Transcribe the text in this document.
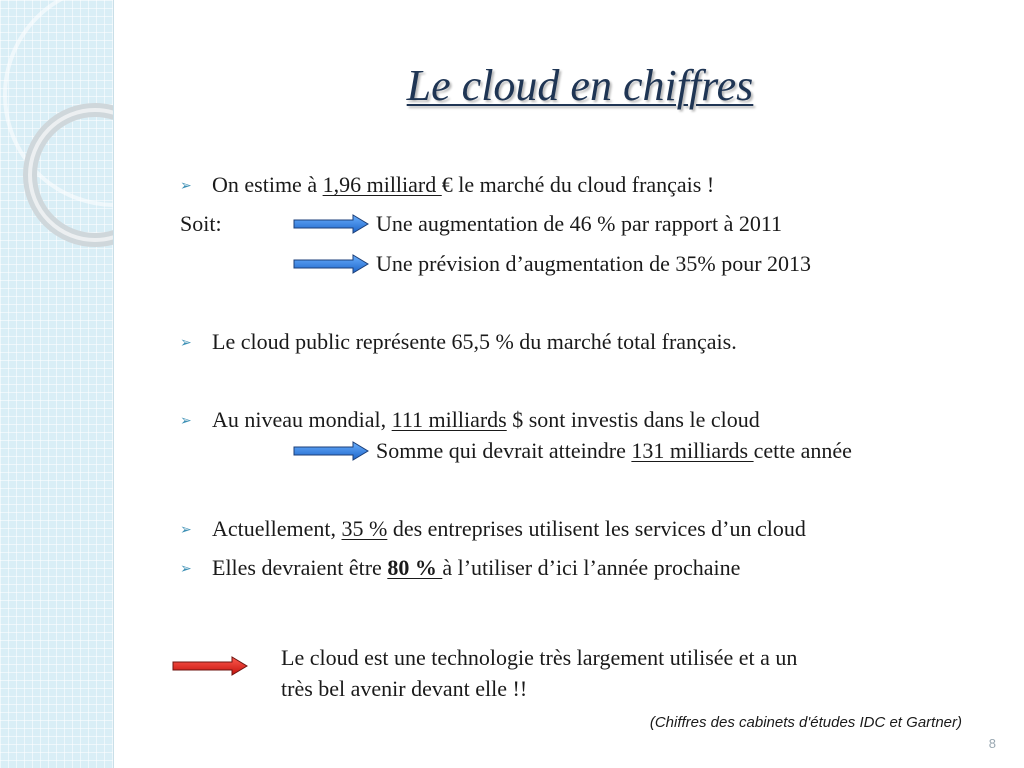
Le cloud en chiffres
➢ On estime à 1,96 milliard € le marché du cloud français !
Soit:	Une augmentation de 46 % par rapport à 2011
Une prévision d’augmentation de 35% pour 2013
➢ Le cloud public représente 65,5 % du marché total français.
➢ Au niveau mondial, 111 milliards $ sont investis dans le cloud
Somme qui devrait atteindre 131 milliards cette année
➢ Actuellement, 35 % des entreprises utilisent les services d’un cloud
➢ Elles devraient être 80 % à l’utiliser d’ici l’année prochaine
Le cloud est une technologie très largement utilisée et a un
très bel avenir devant elle !!
(Chiffres des cabinets d'études IDC et Gartner)
8
